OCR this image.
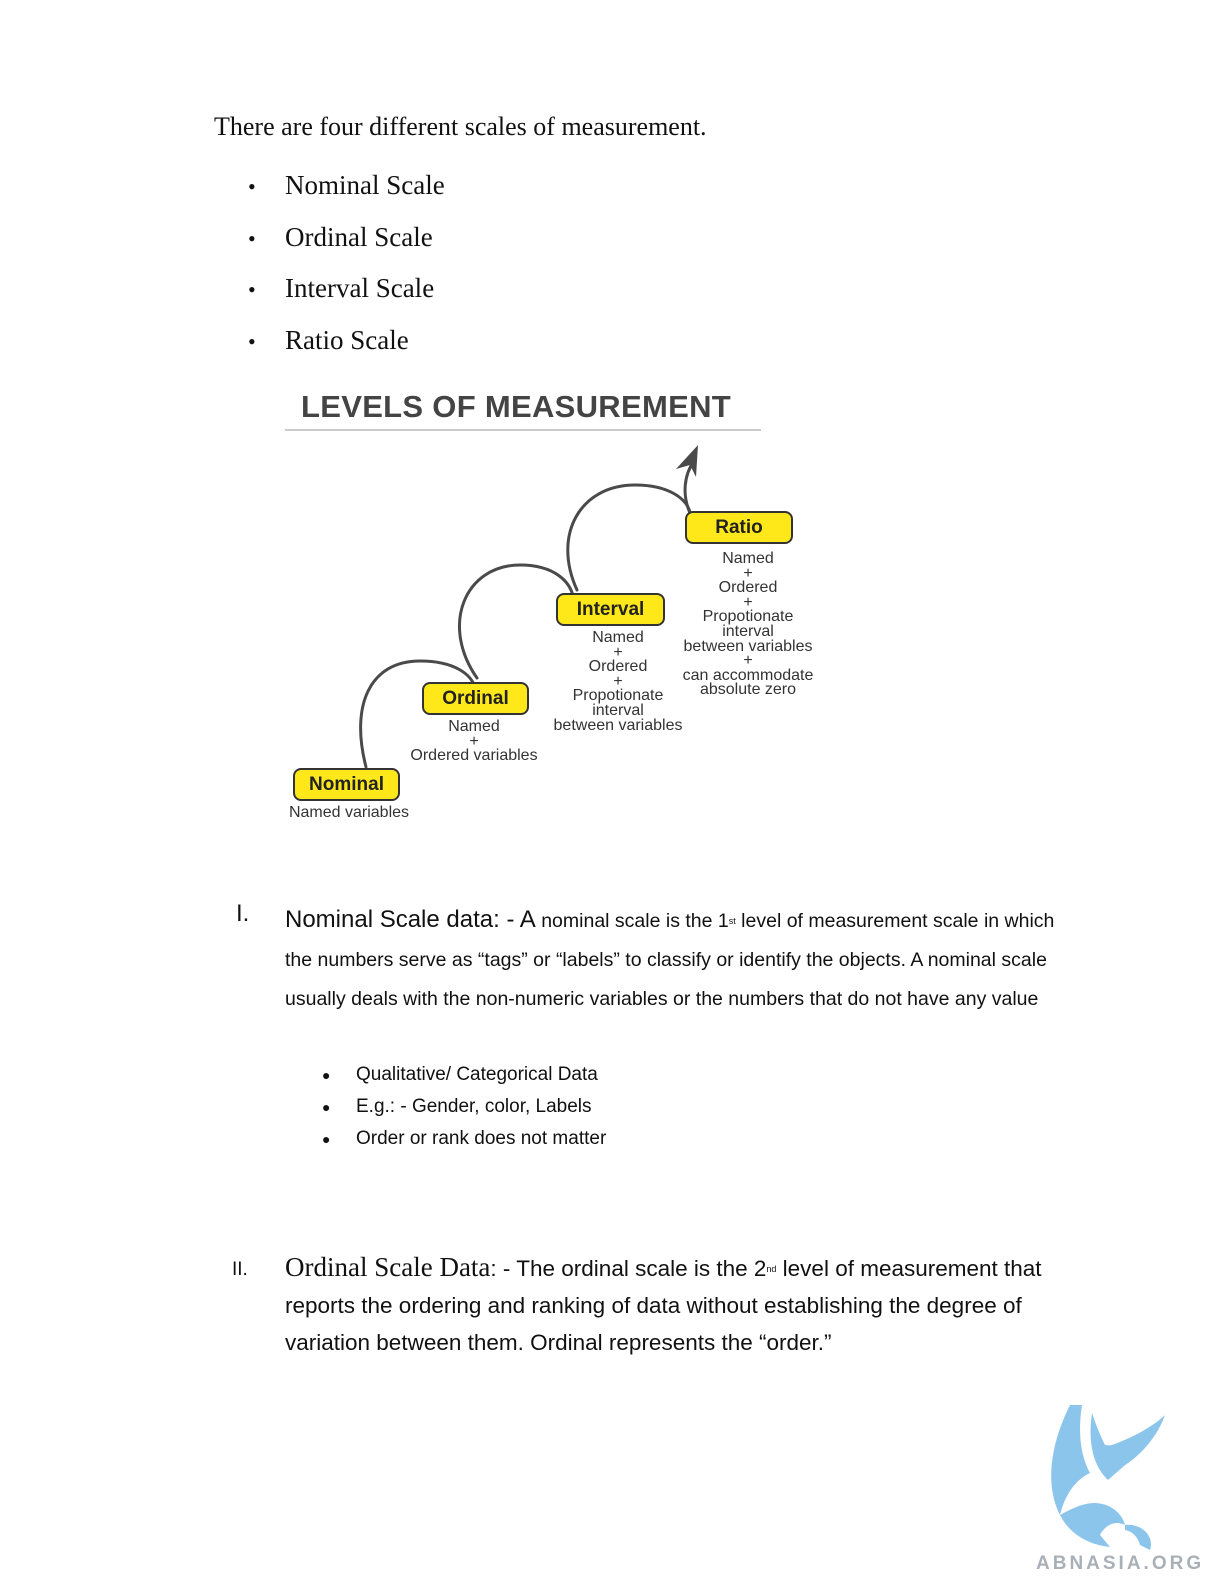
There are four different scales of measurement.
•	Nominal Scale
•	Ordinal Scale
•	Interval Scale
•	Ratio Scale
LEVELS OF MEASUREMENT
Nominal
Named variables
Ordinal
Named
+
Ordered variables
Interval
Named
+
Ordered
+
Propotionate
interval
between variables
Ratio
Named
+
Ordered
+
Propotionate
interval
between variables
+
can accommodate
absolute zero
I. Nominal Scale data: - A nominal scale is the 1st level of measurement scale in which the numbers serve as “tags” or “labels” to classify or identify the objects. A nominal scale usually deals with the non-numeric variables or the numbers that do not have any value
●	Qualitative/ Categorical Data
●	E.g.: - Gender, color, Labels
●	Order or rank does not matter
II. Ordinal Scale Data: - The ordinal scale is the 2nd level of measurement that reports the ordering and ranking of data without establishing the degree of variation between them. Ordinal represents the “order.”
ABNASIA.ORG
